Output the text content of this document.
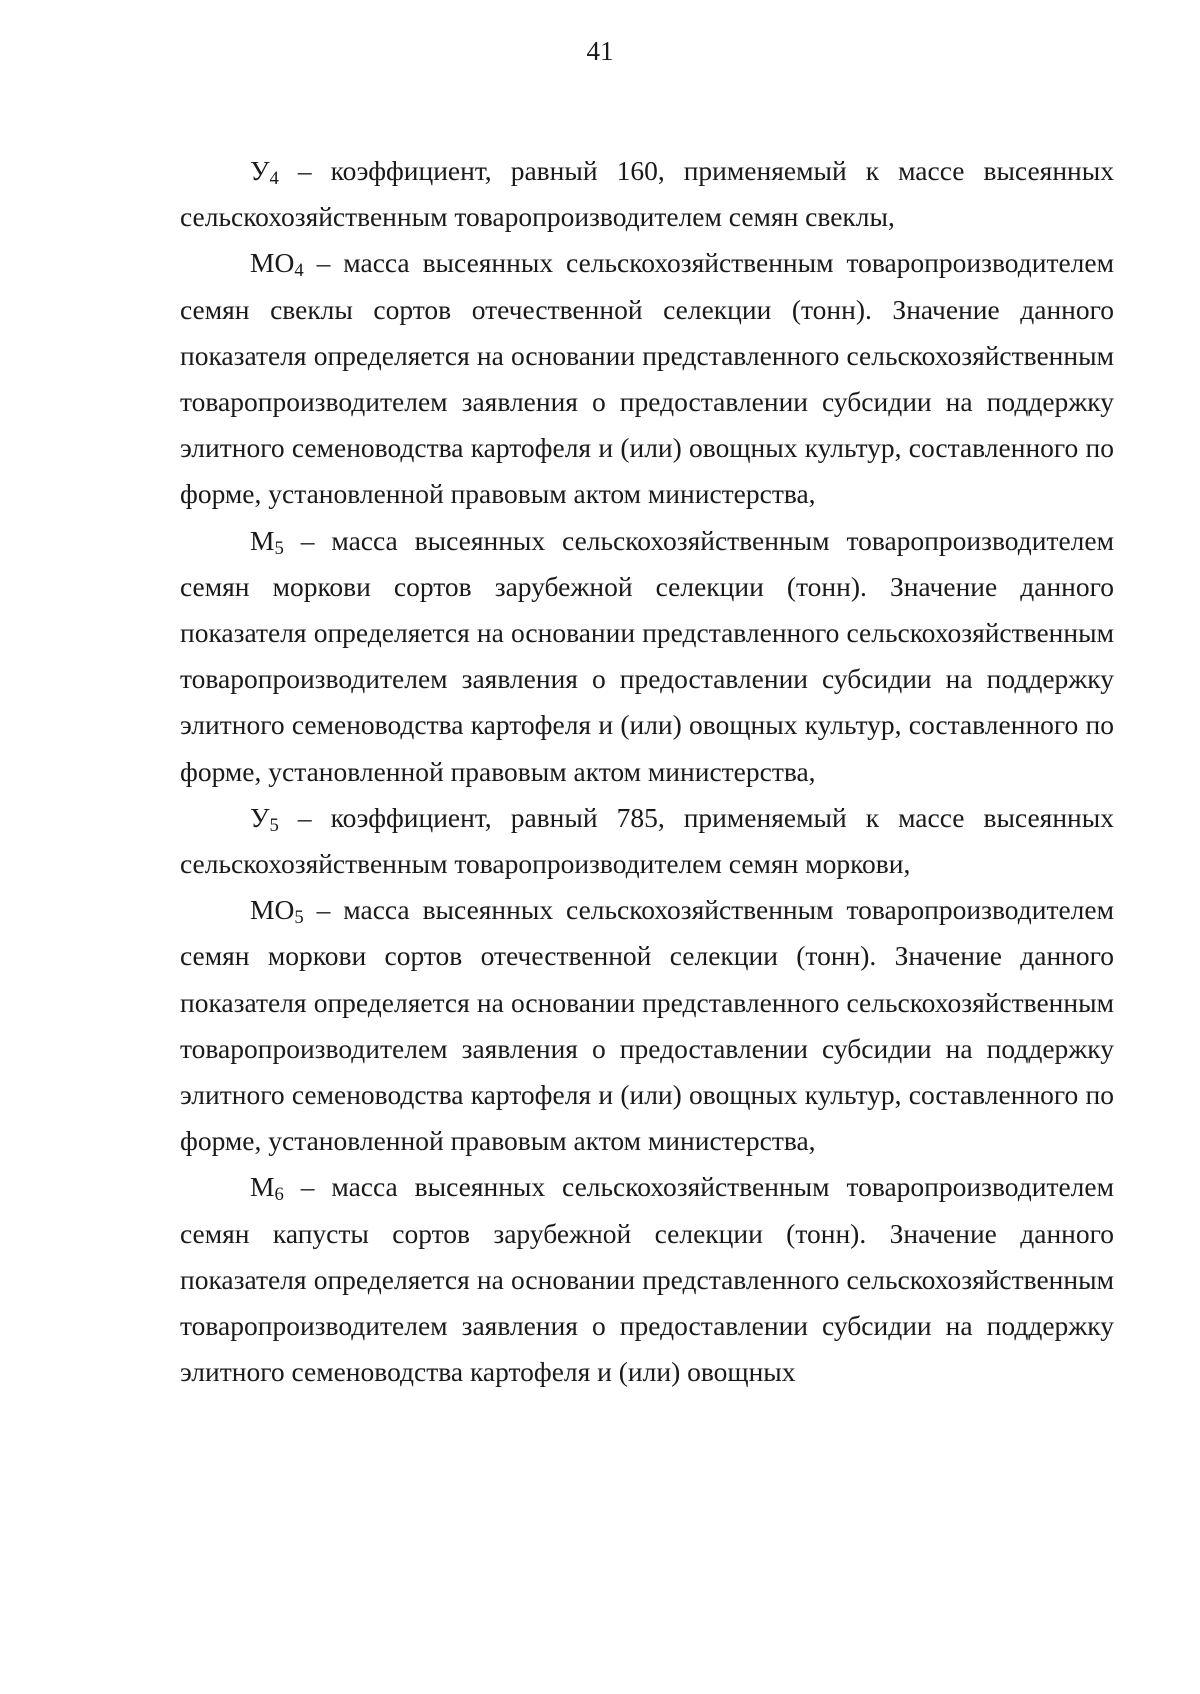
41

$У_4$ – коэффициент, равный 160, применяемый к массе высеянных сельскохозяйственным товаропроизводителем семян свеклы,

$МО_4$ – масса высеянных сельскохозяйственным товаропроизводителем семян свеклы сортов отечественной селекции (тонн). Значение данного показателя определяется на основании представленного сельскохозяйственным товаропроизводителем заявления о предоставлении субсидии на поддержку элитного семеноводства картофеля и (или) овощных культур, составленного по форме, установленной правовым актом министерства,

$М_5$ – масса высеянных сельскохозяйственным товаропроизводителем семян моркови сортов зарубежной селекции (тонн). Значение данного показателя определяется на основании представленного сельскохозяйственным товаропроизводителем заявления о предоставлении субсидии на поддержку элитного семеноводства картофеля и (или) овощных культур, составленного по форме, установленной правовым актом министерства,

$У_5$ – коэффициент, равный 785, применяемый к массе высеянных сельскохозяйственным товаропроизводителем семян моркови,

$МО_5$ – масса высеянных сельскохозяйственным товаропроизводителем семян моркови сортов отечественной селекции (тонн). Значение данного показателя определяется на основании представленного сельскохозяйственным товаропроизводителем заявления о предоставлении субсидии на поддержку элитного семеноводства картофеля и (или) овощных культур, составленного по форме, установленной правовым актом министерства,

$М_6$ – масса высеянных сельскохозяйственным товаропроизводителем семян капусты сортов зарубежной селекции (тонн). Значение данного показателя определяется на основании представленного сельскохозяйственным товаропроизводителем заявления о предоставлении субсидии на поддержку элитного семеноводства картофеля и (или) овощных
